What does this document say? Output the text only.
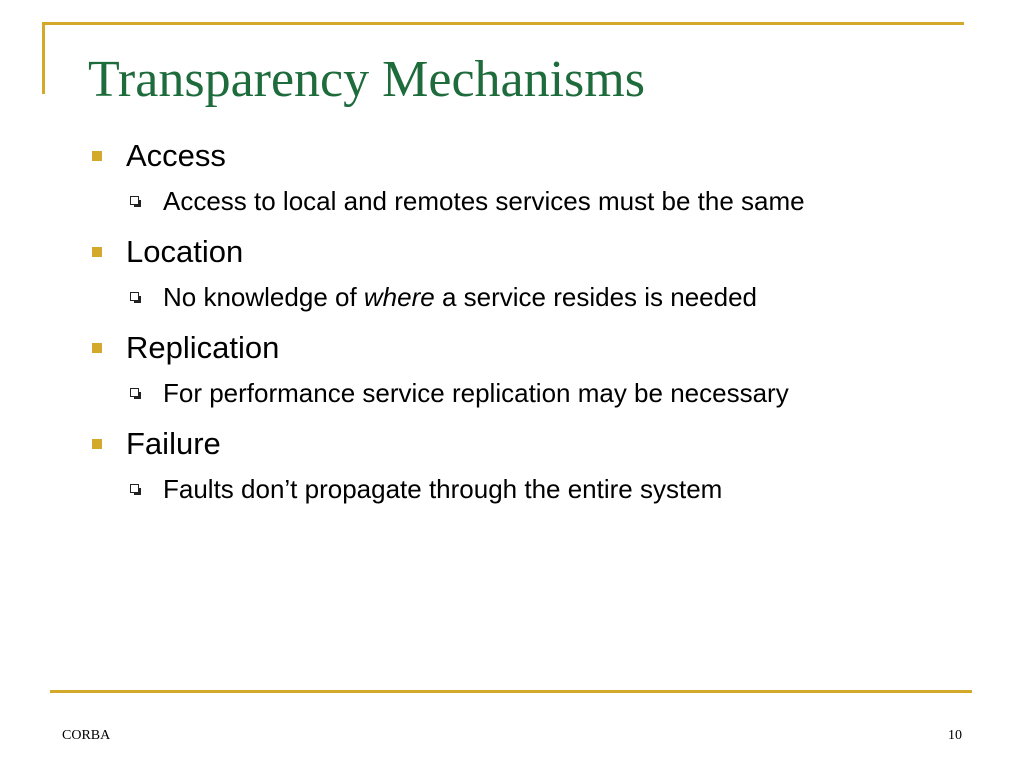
Transparency Mechanisms
Access
Access to local and remotes services must be the same
Location
No knowledge of where a service resides is needed
Replication
For performance service replication may be necessary
Failure
Faults don’t propagate through the entire system
CORBA	10
